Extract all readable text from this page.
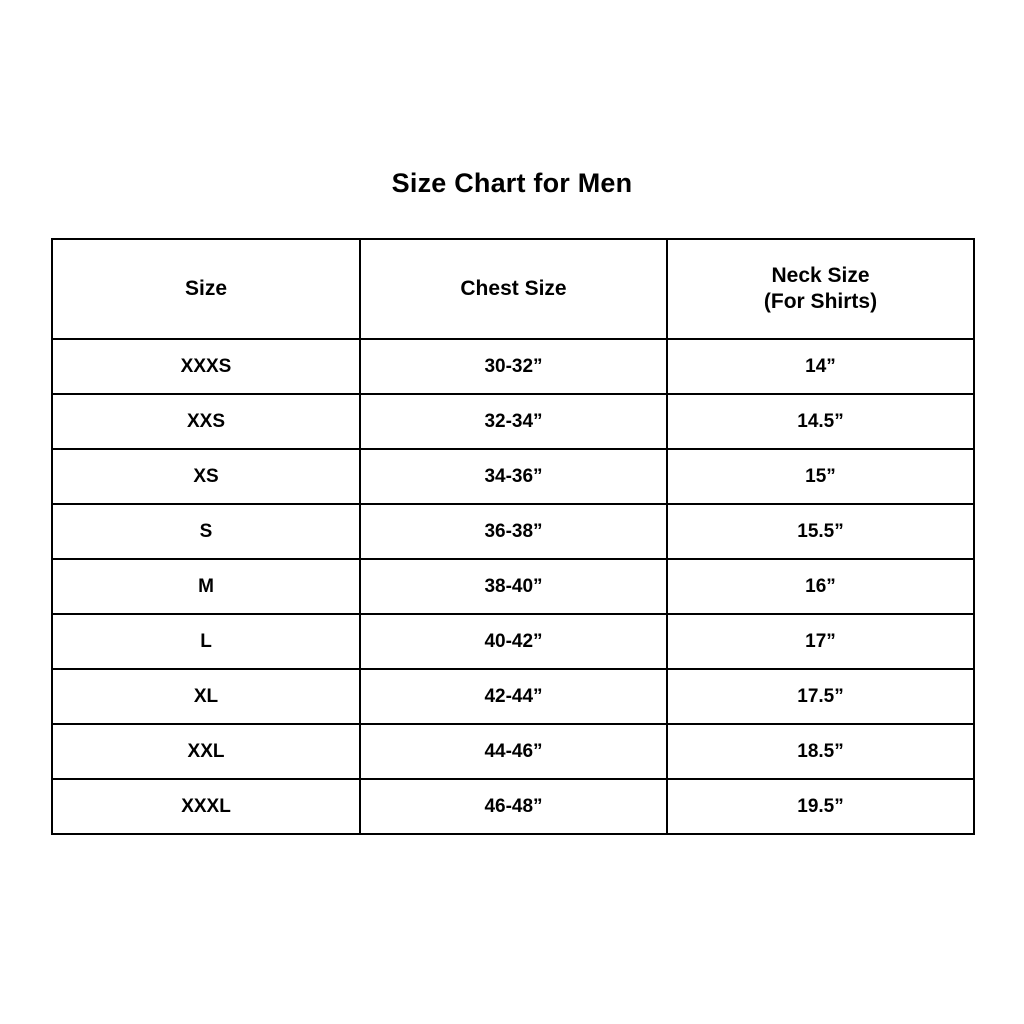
Size Chart for Men
Size	Chest Size	Neck Size
(For Shirts)

XXXS	30-32”	14”
XXS	32-34”	14.5”
XS	34-36”	15”
S	36-38”	15.5”
M	38-40”	16”
L	40-42”	17”
XL	42-44”	17.5”
XXL	44-46”	18.5”
XXXL	46-48”	19.5”
